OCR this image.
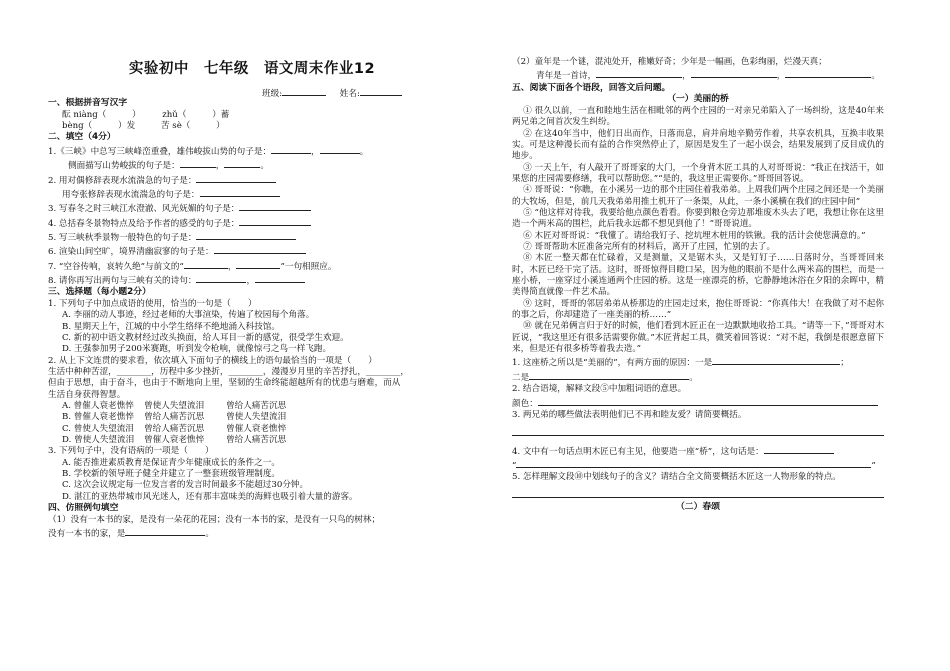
实验初中　七年级　语文周末作业12
班级:	姓名:
一、根据拼音写汉字
酝 niàng（　　　）　　　zhǔ（　　　）蓄
bèng（　　　）发　　　苦 sè（　　　）
二、填空（4分）
1.《三峡》中总写三峡峰峦重叠，雄伟峻拔山势的句子是：	，	。
侧面描写山势峻拔的句子是：	，	。
2. 用对偶修辞表现水流湍急的句子是：
用夸张修辞表现水流湍急的句子是：
3. 写春冬之时三峡江水澄澈、风光妩媚的句子是：
4. 总括春冬景物特点及给予作者的感受的句子是：
5. 写三峡秋季景物一般特色的句子是：
6. 渲染山间空旷，境界清幽寂寥的句子是：
7. “空谷传响，哀转久绝”与前文的“	，	”一句相照应。
8. 请你再写出两句与三峡有关的诗句：	，
三、选择题（每小题2分）
1. 下列句子中加点成语的使用，恰当的一句是（　　）
A. 李丽的动人事迹，经过老师的大事渲染，传遍了校园每个角落。
B. 星期天上午，江城的中小学生络绎不绝地涌入科技馆。
C. 新的初中语文教材经过改头换面，给人耳目一新的感觉，很受学生欢迎。
D. 王强参加男子200米赛跑，听到发令枪响，就像惊弓之鸟一样飞跑。
2. 从上下文连贯的要求看，依次填入下面句子的横线上的语句最恰当的一项是（　　）
生活中种种苦涩，________，历程中多少挫折，________，漫漫岁月里的辛苦抒扎，________，
但由于思想，由于奋斗，也由于不断地向上里，坚韧的生命终能超越所有的忧患与磨难，而从
生活自身获得智慧。
A. 曾催人衰老憔悴 曾使人失望流泪	曾给人痛苦沉思
B. 曾催人衰老憔悴 曾给人痛苦沉思	曾使人失望流泪
C. 曾使人失望流泪 曾给人痛苦沉思	曾催人衰老憔悴
D. 曾使人失望流泪 曾催人衰老憔悴	曾给人痛苦沉思
3. 下列句子中，没有语病的一项是（　　）
A. 能否推进素质教育是保证青少年健康成长的条件之一。
B. 学校新的领导班子健全并建立了一整套班级管理制度。
C. 这次会议规定每一位发言者的发言时间最多不能超过30分钟。
D. 湛江的亚热带城市风光迷人，还有那丰富味美的海鲜也吸引着大量的游客。
四、仿照例句填空
（1）没有一本书的家，是没有一朵花的花园；没有一本书的家，是没有一只鸟的树林；
没有一本书的家，是	。
（2）童年是一个谜，混沌处开，稚嫩好奇；少年是一幅画，色彩绚丽，烂漫天真；
青年是一首诗，	，	，	。
五、阅读下面各个语段，回答文后问题。
（一）美丽的桥
① 很久以前，一直和睦地生活在相毗邻的两个庄园的一对亲兄弟陷入了一场纠纷，这是40年来两兄弟之间首次发生纠纷。
② 在这40年当中，他们日出而作，日落而息，肩并肩地辛勤劳作着，共享农机具，互换丰收果实。可是这种漫长而有益的合作突然停止了，原因是发生了一起小误会，结果发展到了反目成仇的地步。
③ 一天上午，有人敲开了哥哥家的大门，一个身背木匠工具的人对哥哥说：“我正在找活干，如果您的庄园需要修缮，我可以帮助您。”“是的，我这里正需要你。”哥哥回答说。
④ 哥哥说：“你瞧，在小溪另一边的那个庄园住着我弟弟。上周我们两个庄园之间还是一个美丽的大牧场，但是，前几天我弟弟用推土机开了一条渠，从此，一条小溪横在我们的庄园中间”
⑤ “他这样对待我，我要给他点颜色看看。你要到粮仓旁边那堆废木头去了吧，我想让你在这里造一个两米高的围栏，此后我永远都不想见到他了！”哥哥说道。
⑥ 木匠对哥哥说：“我懂了。请给我钉子、挖坑埋木桩用的铁锹。我的活计会使您满意的。”
⑦ 哥哥帮助木匠准备完所有的材料后，离开了庄园，忙别的去了。
⑧ 木匠一整天都在忙碌着，又是测量，又是锯木头，又是钉钉子……日落时分，当哥哥回来时，木匠已经干完了活。这时，哥哥惊得目瞪口呆，因为他的眼前不是什么两米高的围栏，而是一座小桥，一座穿过小溪连通两个庄园的桥。这是一座漂亮的桥，它静静地沐浴在夕阳的余晖中，精美得简直就像一件艺术品。
⑨ 这时，哥哥的邻居弟弟从桥那边的庄园走过来，抱住哥哥说：“你真伟大！在我做了对不起你的事之后，你却建造了一座美丽的桥……”
⑩ 就在兄弟俩言归于好的时候，他们看到木匠正在一边默默地收拾工具。“请等一下，”哥哥对木匠说，“我这里还有很多活需要你做。”木匠背起工具，微笑着回答说：“对不起，我倒是很愿意留下来，但是还有很多桥等着我去造。”
1. 这座桥之所以是“美丽的”，有两方面的原因：一是	；
二是	。
2. 结合语境，解释文段⑤中加粗词语的意思。
颜色：
3. 两兄弟的哪些做法表明他们已不再和睦友爱？请简要概括。
4. 文中有一句话点明木匠已有主见，他要造一座“桥”，这句话是：
“	”
5. 怎样理解文段⑩中划线句子的含义？请结合全文简要概括木匠这一人物形象的特点。
（二）春颂
